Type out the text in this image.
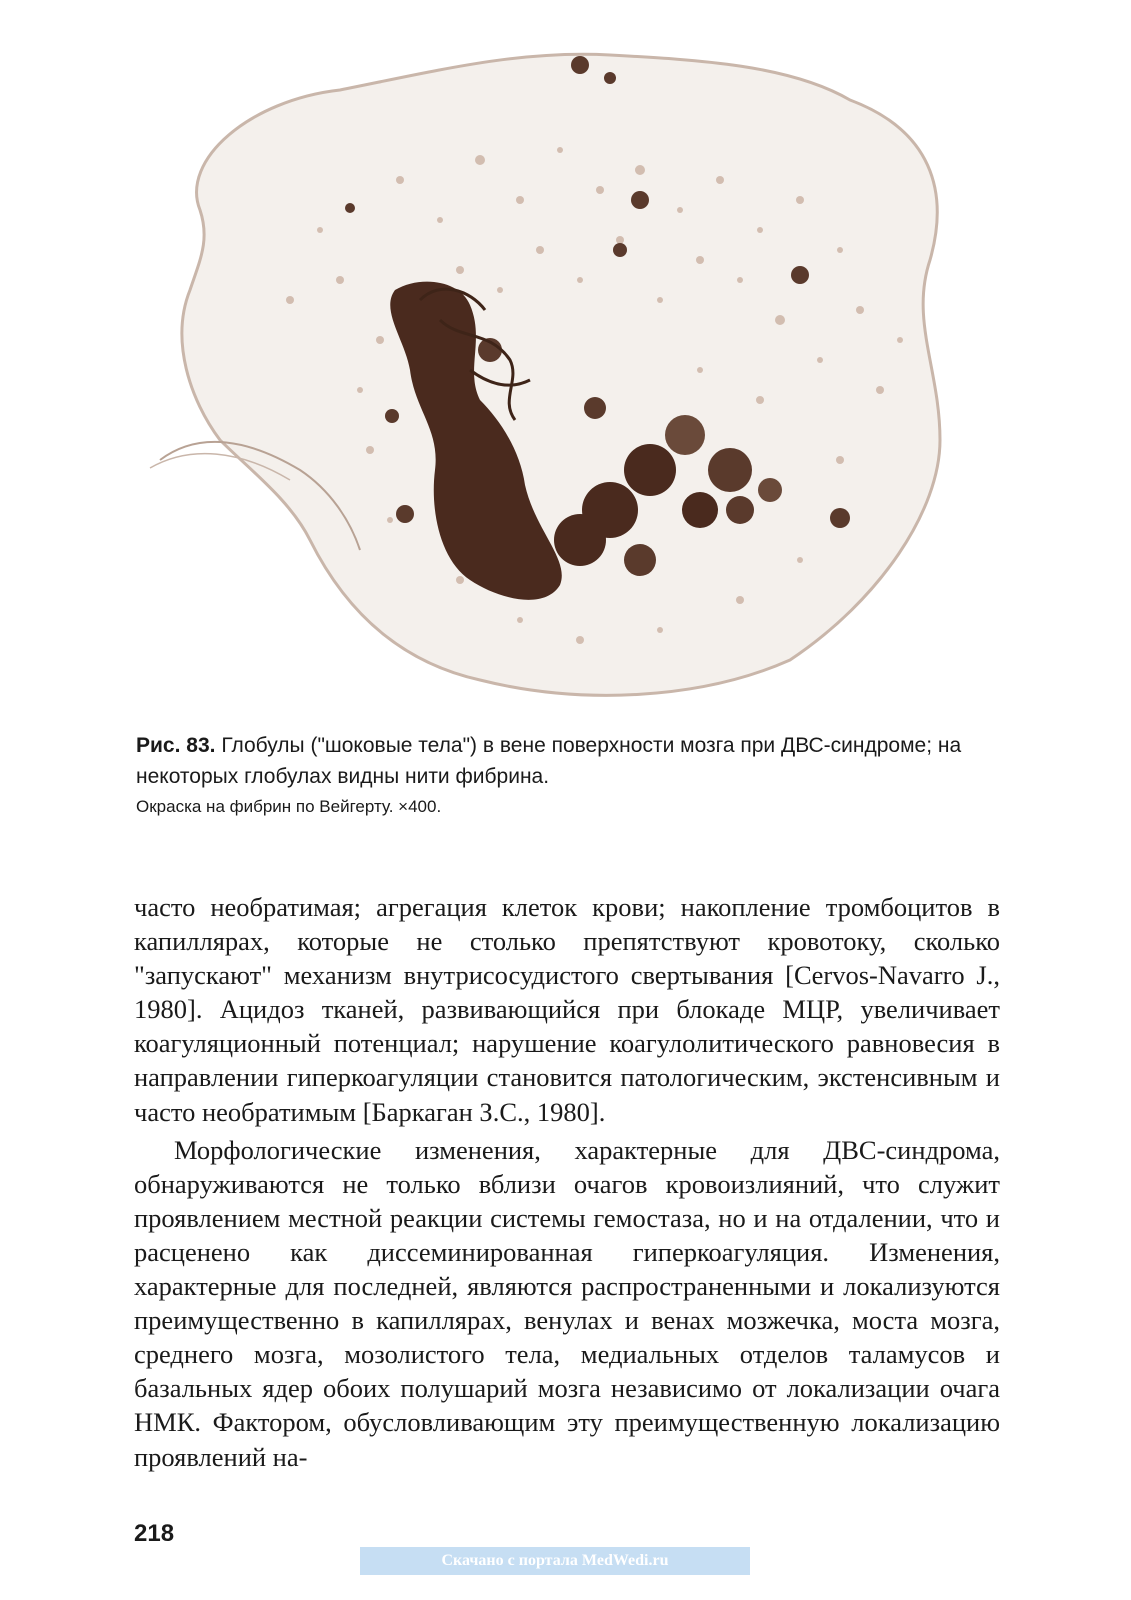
Рис. 83. Глобулы ("шоковые тела") в вене поверхности мозга при ДВС-синдроме; на некоторых глобулах видны нити фибрина.
Окраска на фибрин по Вейгерту. ×400.

часто необратимая; агрегация клеток крови; накопление тромбоцитов в капиллярах, которые не столько препятствуют кровотоку, сколько "запускают" механизм внутрисосудистого свертывания [Cervos-Navarro J., 1980]. Ацидоз тканей, развивающийся при блокаде МЦР, увеличивает коагуляционный потенциал; нарушение коагулолитического равновесия в направлении гиперкоагуляции становится патологическим, экстенсивным и часто необратимым [Баркаган З.С., 1980].

Морфологические изменения, характерные для ДВС-синдрома, обнаруживаются не только вблизи очагов кровоизлияний, что служит проявлением местной реакции системы гемостаза, но и на отдалении, что и расценено как диссеминированная гиперкоагуляция. Изменения, характерные для последней, являются распространенными и локализуются преимущественно в капиллярах, венулах и венах мозжечка, моста мозга, среднего мозга, мозолистого тела, медиальных отделов таламусов и базальных ядер обоих полушарий мозга независимо от локализации очага НМК. Фактором, обусловливающим эту преимущественную локализацию проявлений на-

218
Скачано с портала MedWedi.ru
